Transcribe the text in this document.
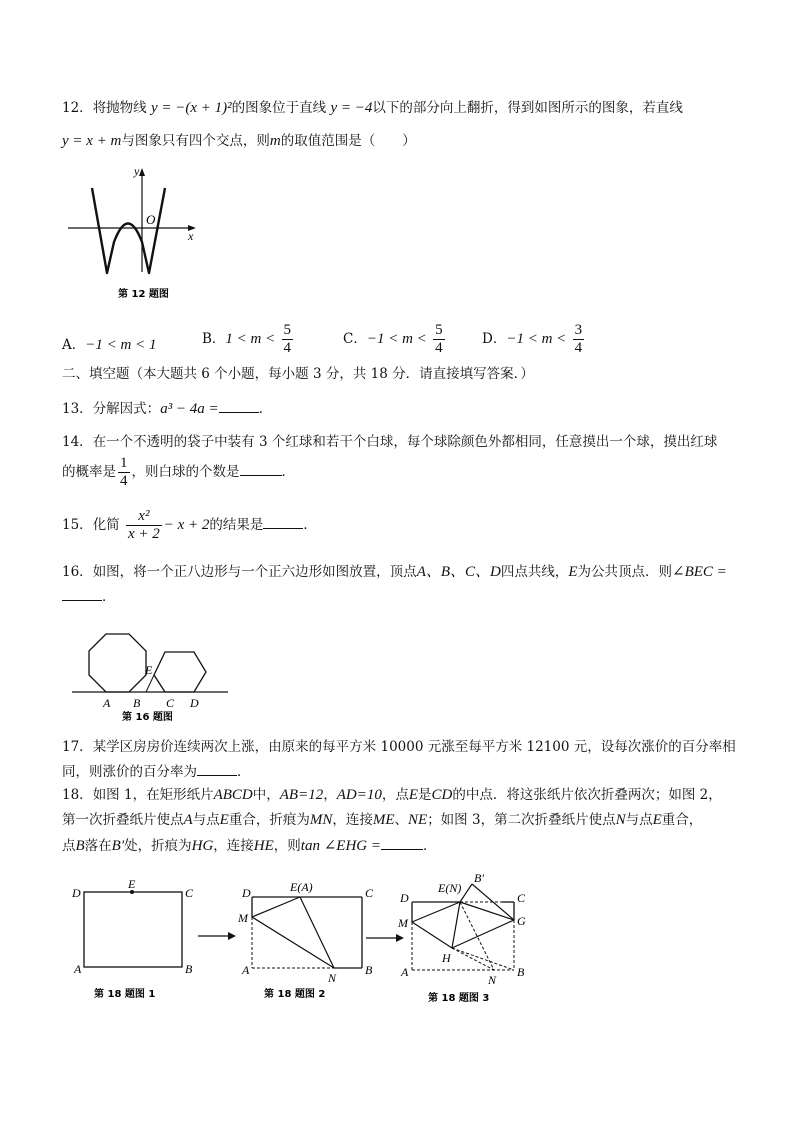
12．将抛物线 y = −(x + 1)²的图象位于直线 y = −4以下的部分向上翻折，得到如图所示的图象，若直线
y = x + m与图象只有四个交点，则m的取值范围是（　　）
y
x
O
第 12 题图
A．−1 < m < 1	B．$1 < m < \frac{5}{4}$	C．$-1 < m < \frac{5}{4}$	D．$-1 < m < \frac{3}{4}$
二、填空题（本大题共 6 个小题，每小题 3 分，共 18 分．请直接填写答案．）
13．分解因式：a³ − 4a =	．
14．在一个不透明的袋子中装有 3 个红球和若干个白球，每个球除颜色外都相同，任意摸出一个球，摸出红球
的概率是 $\frac{1}{4}$ ，则白球的个数是	．
15．化简 $\frac{\text{x²}}{x + 2} - x + 2$的结果是	．
16．如图，将一个正八边形与一个正六边形如图放置，顶点A、B、C、D四点共线，E为公共顶点．则∠BEC =
．
E
A B C D
第 16 题图
17．某学区房房价连续两次上涨，由原来的每平方米 10000 元涨至每平方米 12100 元，设每次涨价的百分率相
同，则涨价的百分率为	．
18．如图 1，在矩形纸片ABCD中，AB=12，AD=10，点E是CD的中点．将这张纸片依次折叠两次；如图 2，
第一次折叠纸片使点A与点E重合，折痕为MN，连接ME、NE；如图 3，第二次折叠纸片使点N与点E重合，
点B落在B′处，折痕为HG，连接HE，则tan ∠EHG =	．
D
E
C
A	B
第 18 题图 1
D	E(A)	C
M
A
N
B
第 18 题图 2
D
E(N)
B′
C
M	G
H
A
N
B
第 18 题图 3
